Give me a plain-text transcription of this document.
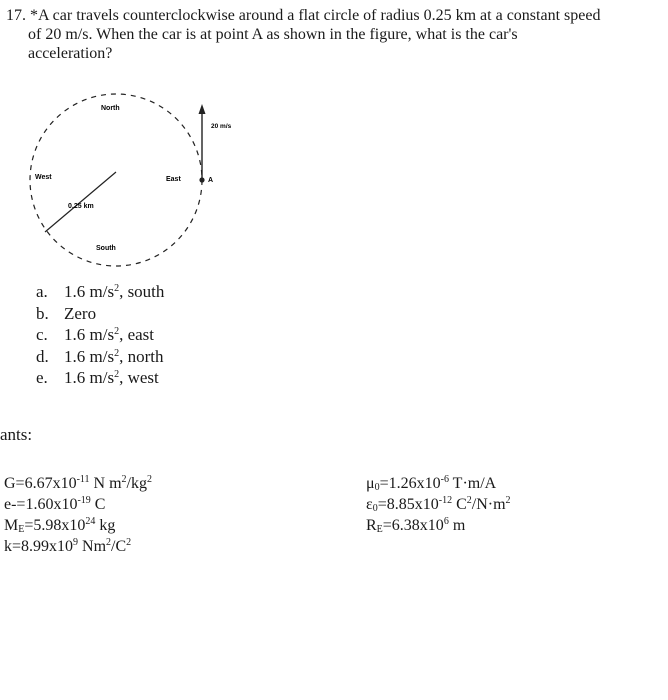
17. *A car travels counterclockwise around a flat circle of radius 0.25 km at a constant speed
of 20 m/s. When the car is at point A as shown in the figure, what is the car's
acceleration?
North
South
East
West
0.25 km
20 m/s
A
a. 1.6 $m/s^2$, south
b. Zero
c. 1.6 $m/s^2$, east
d. 1.6 $m/s^2$, north
e. 1.6 $m/s^2$, west
ants:
$G=6.67x10^{-11}$ N $m^2/kg^2$
$e-=1.60x10^{-19}$ C
$M_E=5.98x10^{24}$ kg
$k=8.99x10^9$ $Nm^2/C^2$
$\mu_0=1.26x10^{-6}$ T·m/A
$\varepsilon_0=8.85x10^{-12}$ $C^2/N\cdot m^2$
$R_E=6.38x10^6$ m
